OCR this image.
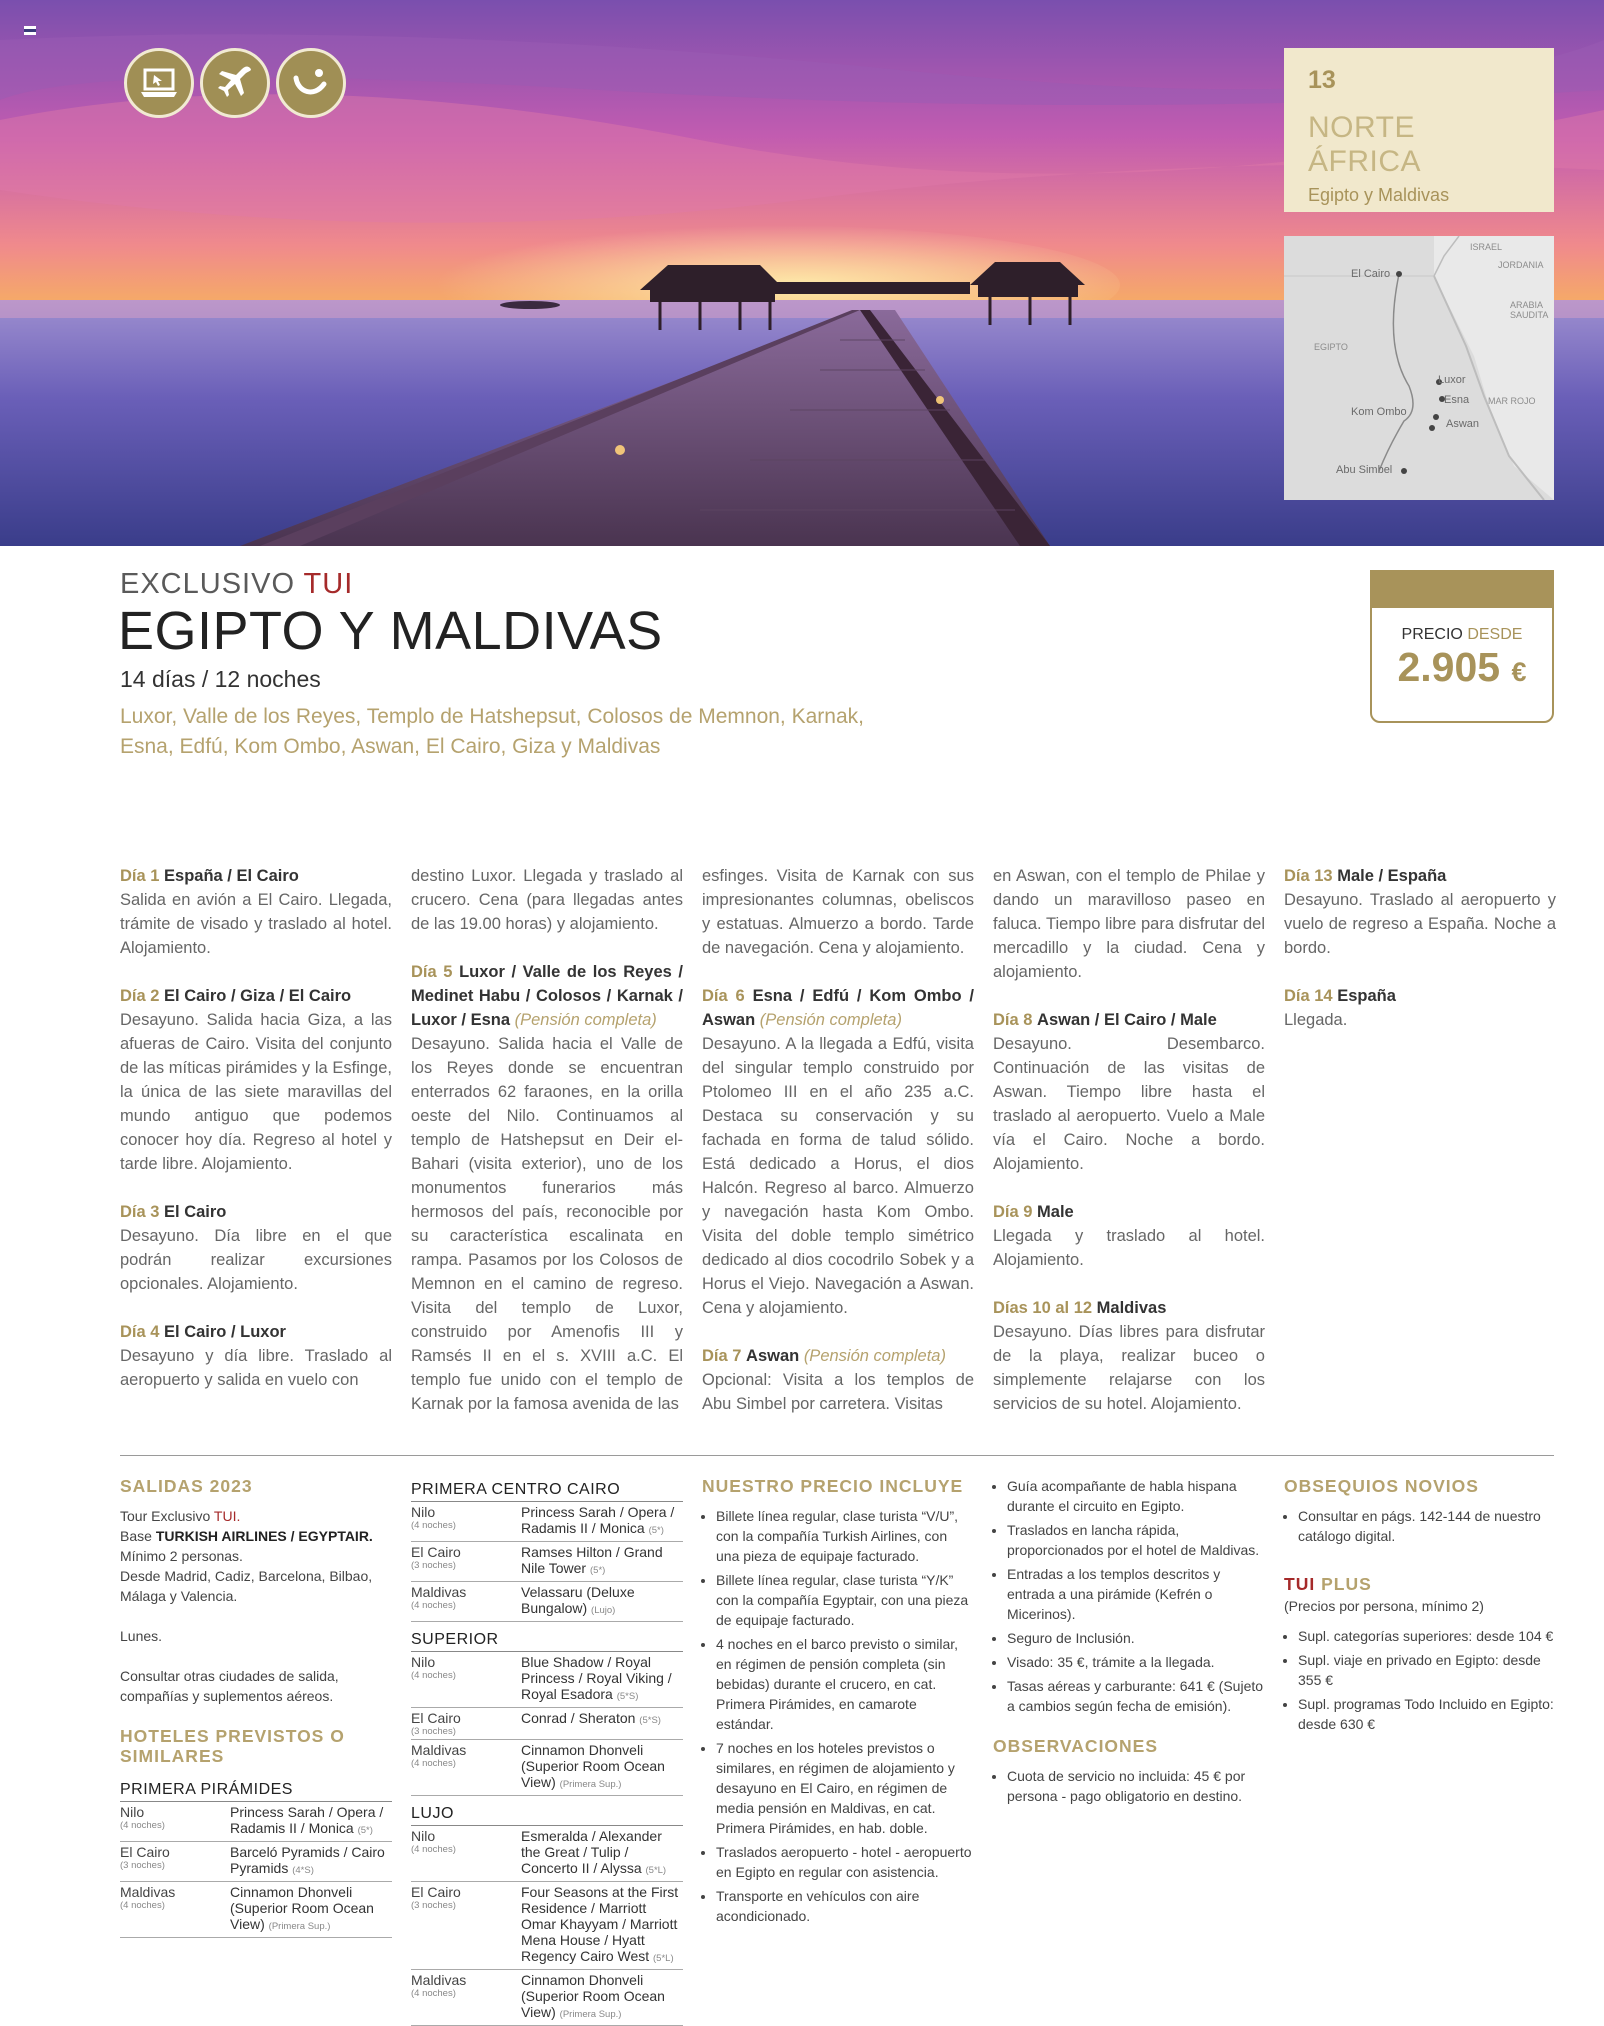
13
NORTE ÁFRICA
Egipto y Maldivas
ISRAEL
JORDANIA
ARABIA SAUDITA
EGIPTO
MAR ROJO
El Cairo
Luxor
Esna
Kom Ombo
Aswan
Abu Simbel
EXCLUSIVO TUI
EGIPTO Y MALDIVAS
14 días / 12 noches
Luxor, Valle de los Reyes, Templo de Hatshepsut, Colosos de Memnon, Karnak, Esna, Edfú, Kom Ombo, Aswan, El Cairo, Giza y Maldivas
PRECIO DESDE
2.905 €

Día 1 España / El Cairo
Salida en avión a El Cairo. Llegada, trámite de visado y traslado al hotel. Alojamiento.

Día 2 El Cairo / Giza / El Cairo
Desayuno. Salida hacia Giza, a las afueras de Cairo. Visita del conjunto de las míticas pirámides y la Esfinge, la única de las siete maravillas del mundo antiguo que podemos conocer hoy día. Regreso al hotel y tarde libre. Alojamiento.

Día 3 El Cairo
Desayuno. Día libre en el que podrán realizar excursiones opcionales. Alojamiento.

Día 4 El Cairo / Luxor
Desayuno y día libre. Traslado al aeropuerto y salida en vuelo con

destino Luxor. Llegada y traslado al crucero. Cena (para llegadas antes de las 19.00 horas) y alojamiento.

Día 5 Luxor / Valle de los Reyes / Medinet Habu / Colosos / Karnak / Luxor / Esna (Pensión completa)
Desayuno. Salida hacia el Valle de los Reyes donde se encuentran enterrados 62 faraones, en la orilla oeste del Nilo. Continuamos al templo de Hatshepsut en Deir el-Bahari (visita exterior), uno de los monumentos funerarios más hermosos del país, reconocible por su característica escalinata en rampa. Pasamos por los Colosos de Memnon en el camino de regreso. Visita del templo de Luxor, construido por Amenofis III y Ramsés II en el s. XVIII a.C. El templo fue unido con el templo de Karnak por la famosa avenida de las

esfinges. Visita de Karnak con sus impresionantes columnas, obeliscos y estatuas. Almuerzo a bordo. Tarde de navegación. Cena y alojamiento.

Día 6 Esna / Edfú / Kom Ombo / Aswan (Pensión completa)
Desayuno. A la llegada a Edfú, visita del singular templo construido por Ptolomeo III en el año 235 a.C. Destaca su conservación y su fachada en forma de talud sólido. Está dedicado a Horus, el dios Halcón. Regreso al barco. Almuerzo y navegación hasta Kom Ombo. Visita del doble templo simétrico dedicado al dios cocodrilo Sobek y a Horus el Viejo. Navegación a Aswan. Cena y alojamiento.

Día 7 Aswan (Pensión completa)
Opcional: Visita a los templos de Abu Simbel por carretera. Visitas

en Aswan, con el templo de Philae y dando un maravilloso paseo en faluca. Tiempo libre para disfrutar del mercadillo y la ciudad. Cena y alojamiento.

Día 8 Aswan / El Cairo / Male
Desayuno. Desembarco. Continuación de las visitas de Aswan. Tiempo libre hasta el traslado al aeropuerto. Vuelo a Male vía el Cairo. Noche a bordo. Alojamiento.

Día 9 Male
Llegada y traslado al hotel. Alojamiento.

Días 10 al 12 Maldivas
Desayuno. Días libres para disfrutar de la playa, realizar buceo o simplemente relajarse con los servicios de su hotel. Alojamiento.

Día 13 Male / España
Desayuno. Traslado al aeropuerto y vuelo de regreso a España. Noche a bordo.

Día 14 España
Llegada.

SALIDAS 2023
Tour Exclusivo TUI.
Base TURKISH AIRLINES / EGYPTAIR.
Mínimo 2 personas.
Desde Madrid, Cadiz, Barcelona, Bilbao, Málaga y Valencia.

Lunes.

Consultar otras ciudades de salida, compañías y suplementos aéreos.

HOTELES PREVISTOS O SIMILARES
PRIMERA PIRÁMIDES
Nilo
(4 noches)
Princess Sarah / Opera / Radamis II / Monica (5*)
El Cairo
(3 noches)
Barceló Pyramids / Cairo Pyramids (4*S)
Maldivas
(4 noches)
Cinnamon Dhonveli (Superior Room Ocean View) (Primera Sup.)
PRIMERA CENTRO CAIRO
Nilo
(4 noches)
Princess Sarah / Opera / Radamis II / Monica (5*)
El Cairo
(3 noches)
Ramses Hilton / Grand Nile Tower (5*)
Maldivas
(4 noches)
Velassaru (Deluxe Bungalow) (Lujo)
SUPERIOR
Nilo
(4 noches)
Blue Shadow / Royal Princess / Royal Viking / Royal Esadora (5*S)
El Cairo
(3 noches)
Conrad / Sheraton (5*S)
Maldivas
(4 noches)
Cinnamon Dhonveli (Superior Room Ocean View) (Primera Sup.)
LUJO
Nilo
(4 noches)
Esmeralda / Alexander the Great / Tulip / Concerto II / Alyssa (5*L)
El Cairo
(3 noches)
Four Seasons at the First Residence / Marriott Omar Khayyam / Marriott Mena House / Hyatt Regency Cairo West (5*L)
Maldivas
(4 noches)
Cinnamon Dhonveli (Superior Room Ocean View) (Primera Sup.)
NUESTRO PRECIO INCLUYE
• Billete línea regular, clase turista “V/U”, con la compañía Turkish Airlines, con una pieza de equipaje facturado.
• Billete línea regular, clase turista “Y/K” con la compañía Egyptair, con una pieza de equipaje facturado.
• 4 noches en el barco previsto o similar, en régimen de pensión completa (sin bebidas) durante el crucero, en cat. Primera Pirámides, en camarote estándar.
• 7 noches en los hoteles previstos o similares, en régimen de alojamiento y desayuno en El Cairo, en régimen de media pensión en Maldivas, en cat. Primera Pirámides, en hab. doble.
• Traslados aeropuerto - hotel - aeropuerto en Egipto en regular con asistencia.
• Transporte en vehículos con aire acondicionado.
• Guía acompañante de habla hispana durante el circuito en Egipto.
• Traslados en lancha rápida, proporcionados por el hotel de Maldivas.
• Entradas a los templos descritos y entrada a una pirámide (Kefrén o Micerinos).
• Seguro de Inclusión.
• Visado: 35 €, trámite a la llegada.
• Tasas aéreas y carburante: 641 € (Sujeto a cambios según fecha de emisión).
OBSERVACIONES
• Cuota de servicio no incluida: 45 € por persona - pago obligatorio en destino.
OBSEQUIOS NOVIOS
• Consultar en págs. 142-144 de nuestro catálogo digital.
TUI PLUS
(Precios por persona, mínimo 2)
• Supl. categorías superiores: desde 104 €
• Supl. viaje en privado en Egipto: desde 355 €
• Supl. programas Todo Incluido en Egipto: desde 630 €
